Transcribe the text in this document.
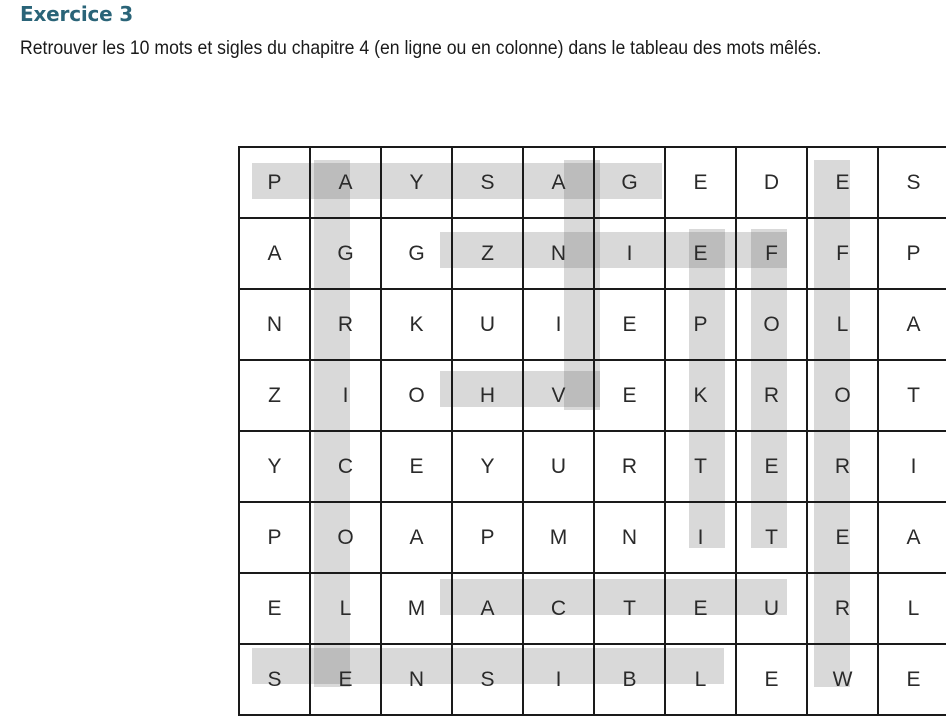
Exercice 3
Retrouver les 10 mots et sigles du chapitre 4 (en ligne ou en colonne) dans le tableau des mots mêlés.
P	A	Y	S	A	G	E	D	E	S
A	G	G	Z	N	I	E	F	F	P
N	R	K	U	I	E	P	O	L	A
Z	I	O	H	V	E	K	R	O	T
Y	C	E	Y	U	R	T	E	R	I
P	O	A	P	M	N	I	T	E	A
E	L	M	A	C	T	E	U	R	L
S	E	N	S	I	B	L	E	W	E
